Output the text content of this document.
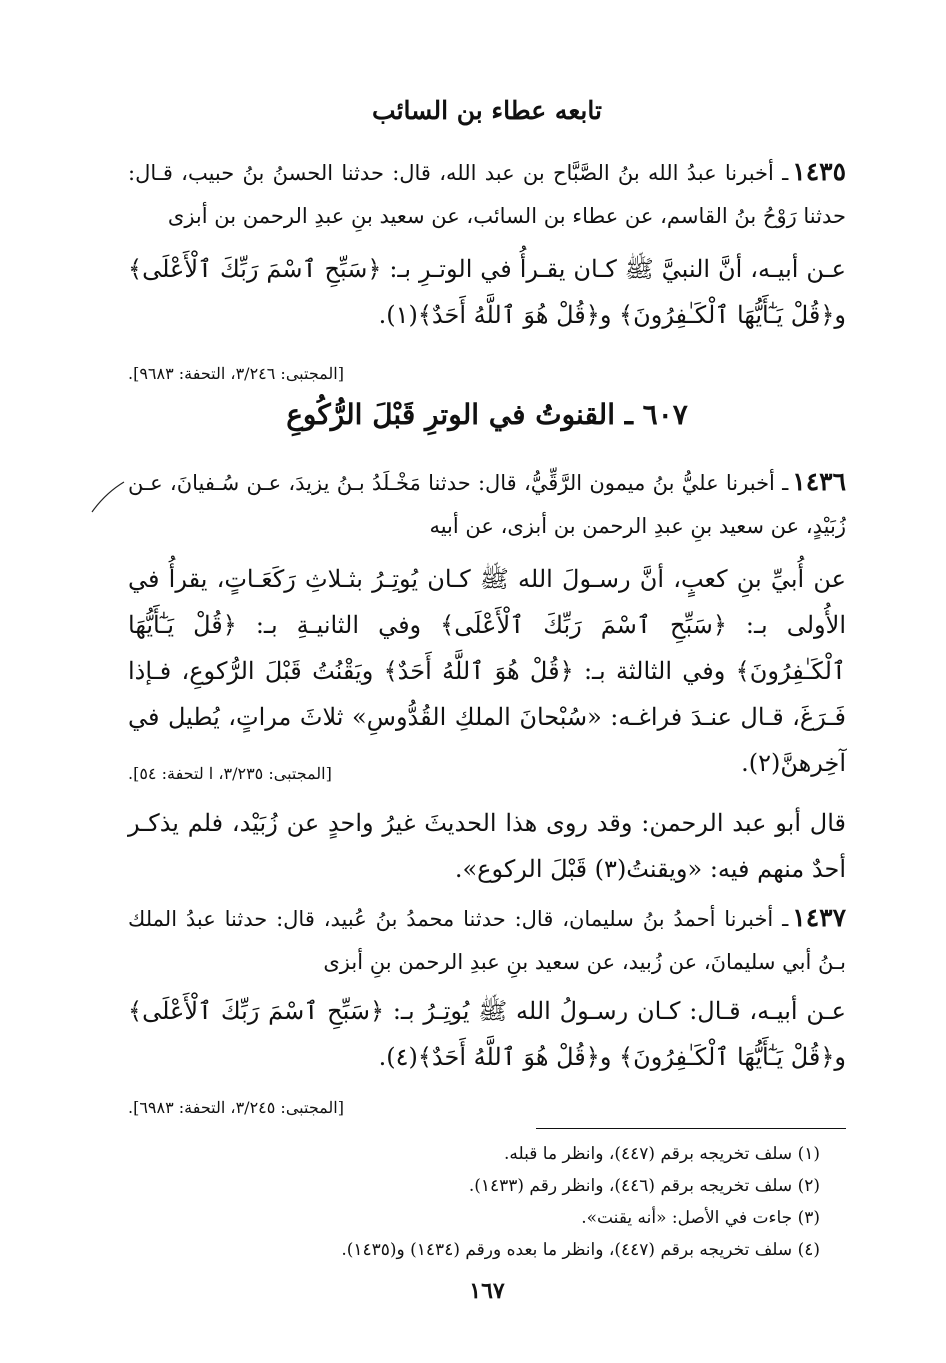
تابعه عطاء بن السائب
١٤٣٥ـ أخبرنا عبدُ الله بنُ الصَّبَّاح بن عبد الله، قال: حدثنا الحسنُ بنُ حبيب، قـال: حدثنا رَوْحُ بنُ القاسم، عن عطاء بن السائب، عن سعيد بنِ عبدِ الرحمن بن أبزى
عـن أبيـه، أنَّ النبيَّ ﷺ كـان يقـرأُ في الوتـرِ بـ: ﴿سَبِّحِ ٱسْمَ رَبِّكَ ٱلْأَعْلَى﴾ و﴿قُلْ يَـٰٓأَيُّهَا ٱلْكَـٰفِرُونَ﴾ و﴿قُلْ هُوَ ٱللَّهُ أَحَدٌ﴾(١).
[المجتبى: ٣/٢٤٦، التحفة: ٩٦٨٣].
٦٠٧ ـ القنوتُ في الوترِ قَبْلَ الرُّكُوعِ
١٤٣٦ـ أخبرنا عليُّ بنُ ميمون الرَّقِّيُّ، قال: حدثنا مَخْـلَدُ بـنُ يزيدَ، عـن سُـفيانَ، عـن زُبَيْدٍ، عن سعيد بنِ عبدِ الرحمن بن أبزى، عن أبيه
عن أُبيِّ بنِ كعبٍ، أنَّ رسـولَ الله ﷺ كـان يُوتِـرُ بثـلاثِ رَكَعَـاتٍ، يقرأُ في الأُولى بـ: ﴿سَبِّحِ ٱسْمَ رَبِّكَ ٱلْأَعْلَى﴾ وفي الثانيـةِ بـ: ﴿قُلْ يَـٰٓأَيُّهَا ٱلْكَـٰفِرُونَ﴾ وفي الثالثة بـ: ﴿قُلْ هُوَ ٱللَّهُ أَحَدٌ﴾ ويَقْنُتُ قَبْلَ الرُّكوعِ، فـإذا فَـرَغَ، قـال عنـدَ فراغـه: «سُبْحانَ الملكِ القُدُّوسِ» ثلاثَ مراتٍ، يُطيل في آخِرهنَّ(٢).
[المجتبى: ٣/٢٣٥، ا لتحفة: ٥٤].
قال أبو عبد الرحمن: وقد روى هذا الحديثَ غيرُ واحدٍ عن زُبَيْد، فلم يذكـر أحدٌ منهم فيه: «ويقنتُ(٣) قَبْلَ الركوع».
١٤٣٧ـ أخبرنا أحمدُ بنُ سليمان، قال: حدثنا محمدُ بنُ عُبيد، قال: حدثنا عبدُ الملك بـنُ أبي سليمانَ، عن زُبيد، عن سعيد بنِ عبدِ الرحمن بنِ أبزى
عـن أبيـه، قـال: كـان رسـولُ الله ﷺ يُوتِـرُ بـ: ﴿سَبِّحِ ٱسْمَ رَبِّكَ ٱلْأَعْلَى﴾ و﴿قُلْ يَـٰٓأَيُّهَا ٱلْكَـٰفِرُونَ﴾ و﴿قُلْ هُوَ ٱللَّهُ أَحَدٌ﴾(٤).
[المجتبى: ٣/٢٤٥، التحفة: ٦٩٨٣].
(١) سلف تخريجه برقم (٤٤٧)، وانظر ما قبله.
(٢) سلف تخريجه برقم (٤٤٦)، وانظر رقم (١٤٣٣).
(٣) جاءت في الأصل: «أنه يقنت».
(٤) سلف تخريجه برقم (٤٤٧)، وانظر ما بعده ورقم (١٤٣٤) و(١٤٣٥).
١٦٧
